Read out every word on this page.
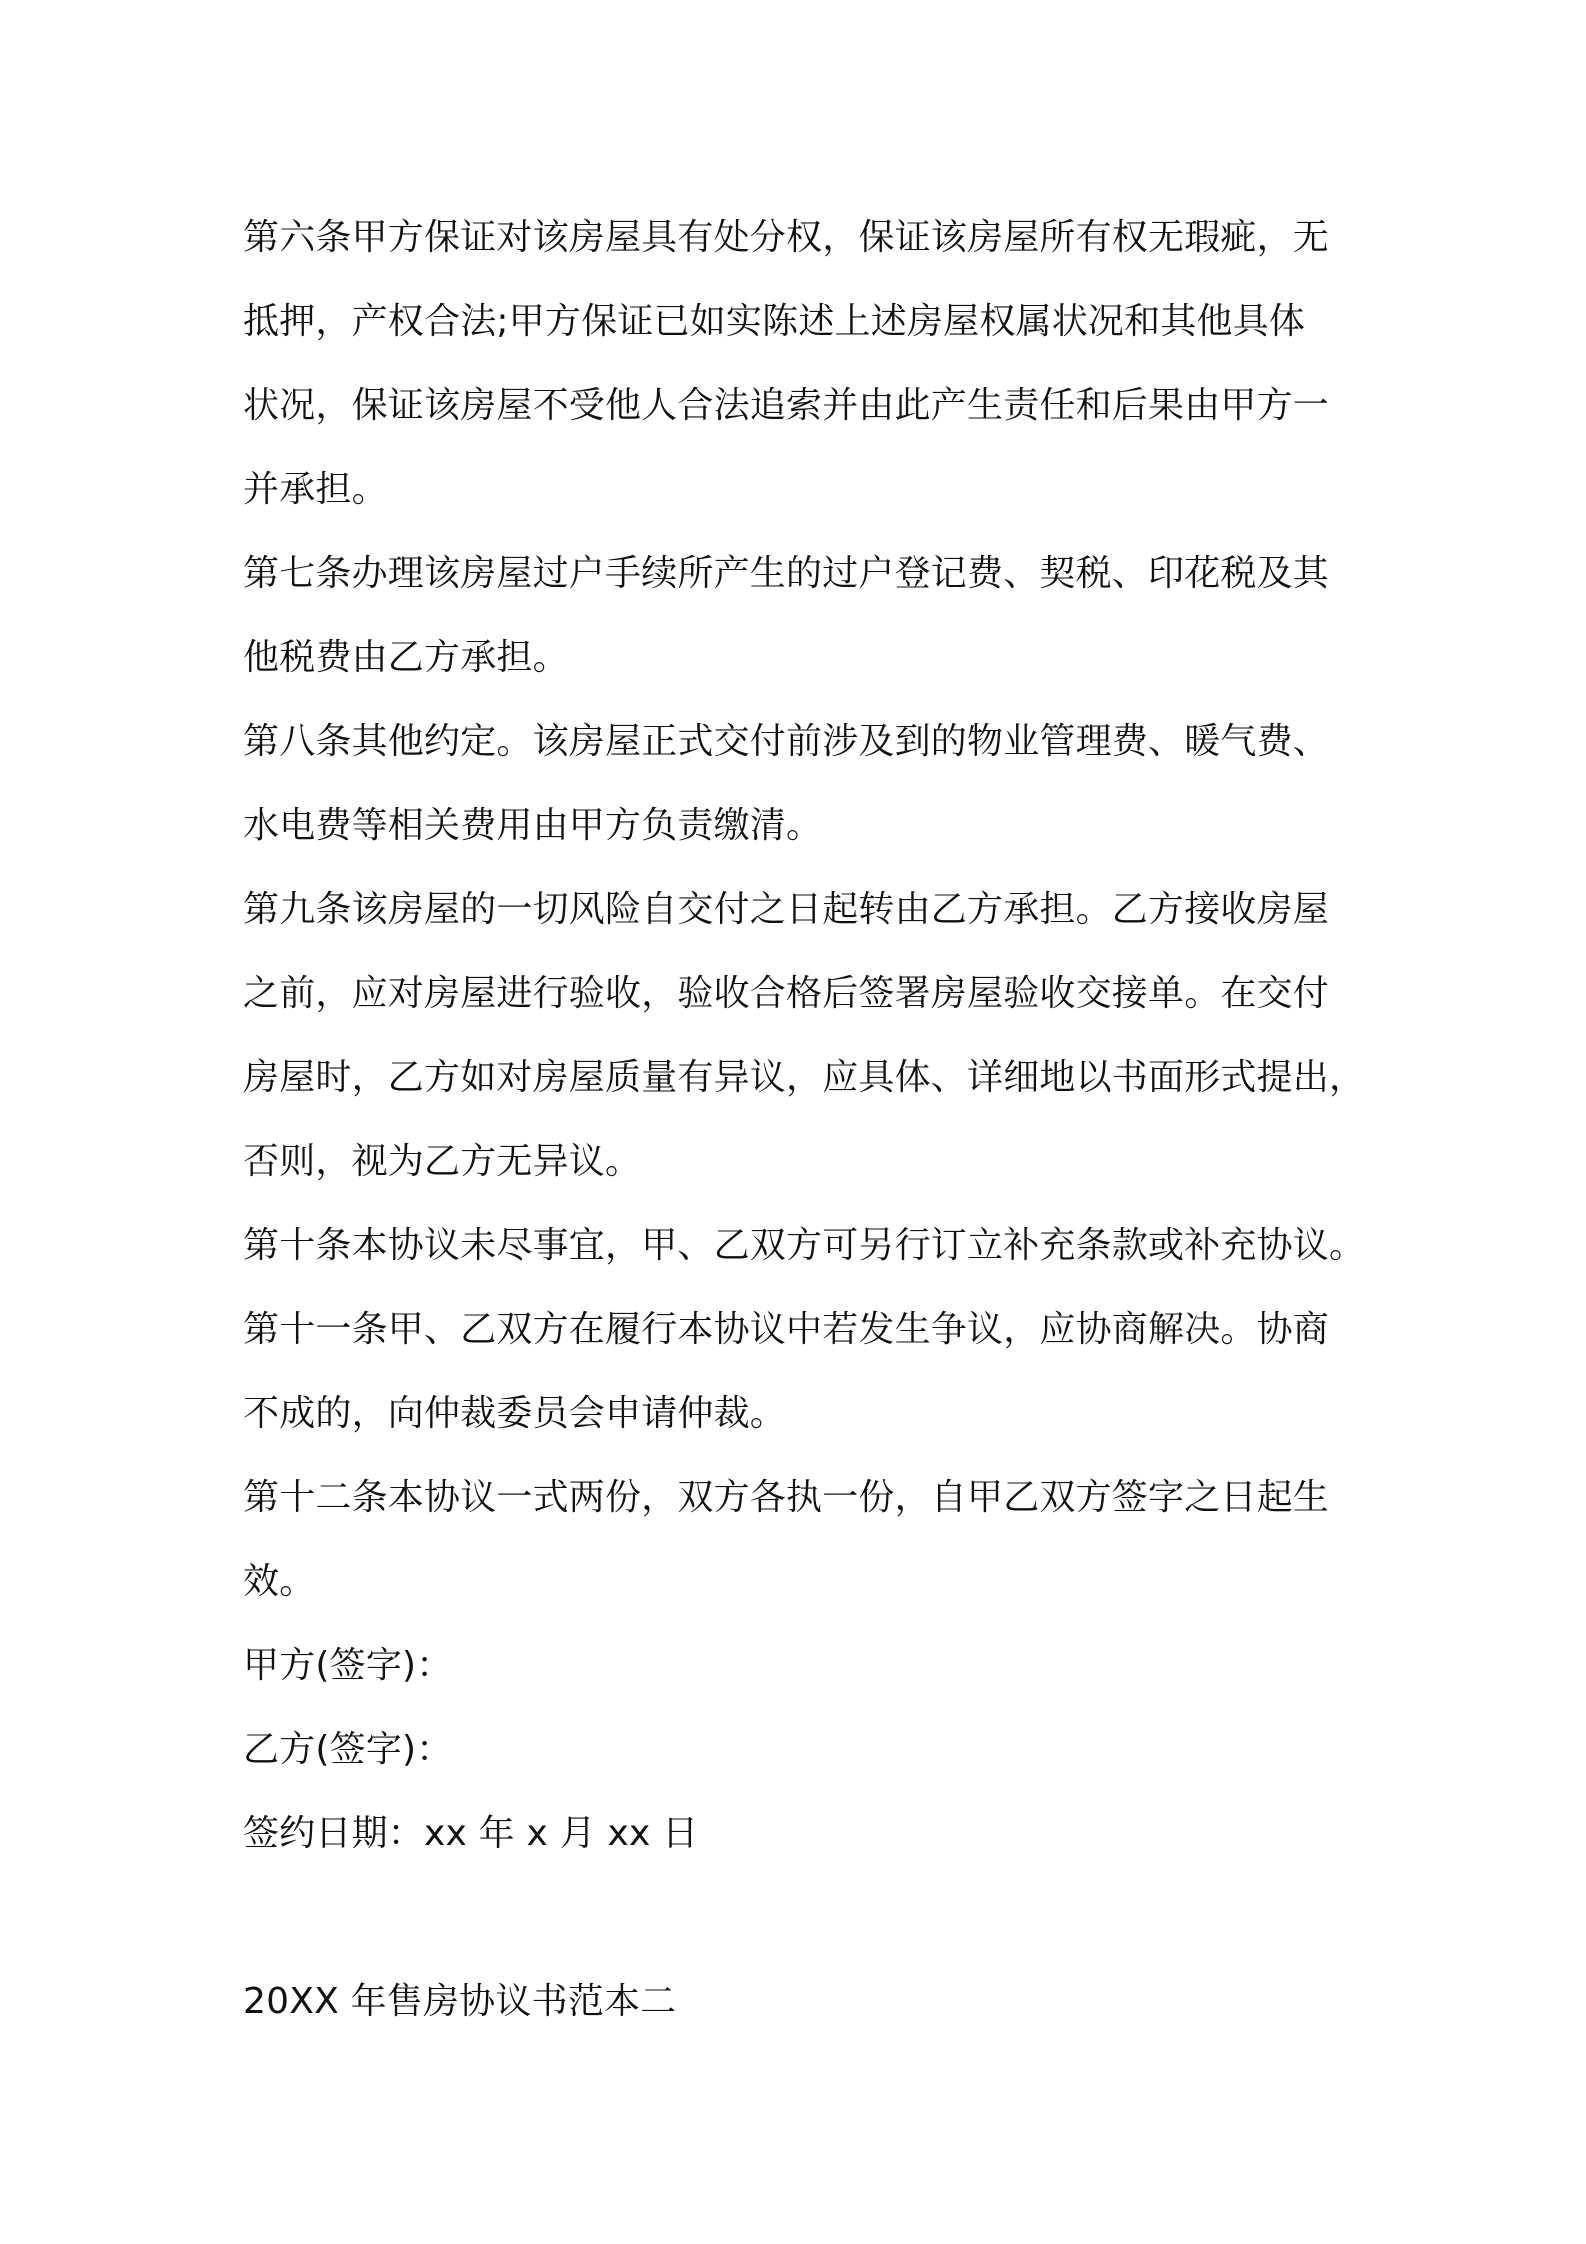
第六条甲方保证对该房屋具有处分权，保证该房屋所有权无瑕疵，无
抵押，产权合法;甲方保证已如实陈述上述房屋权属状况和其他具体
状况，保证该房屋不受他人合法追索并由此产生责任和后果由甲方一
并承担。
第七条办理该房屋过户手续所产生的过户登记费、契税、印花税及其
他税费由乙方承担。
第八条其他约定。该房屋正式交付前涉及到的物业管理费、暖气费、
水电费等相关费用由甲方负责缴清。
第九条该房屋的一切风险自交付之日起转由乙方承担。乙方接收房屋
之前，应对房屋进行验收，验收合格后签署房屋验收交接单。在交付
房屋时，乙方如对房屋质量有异议，应具体、详细地以书面形式提出，
否则，视为乙方无异议。
第十条本协议未尽事宜，甲、乙双方可另行订立补充条款或补充协议。
第十一条甲、乙双方在履行本协议中若发生争议，应协商解决。协商
不成的，向仲裁委员会申请仲裁。
第十二条本协议一式两份，双方各执一份，自甲乙双方签字之日起生
效。
甲方(签字)：
乙方(签字)：
签约日期：xx 年 x 月 xx 日
20XX 年售房协议书范本二
